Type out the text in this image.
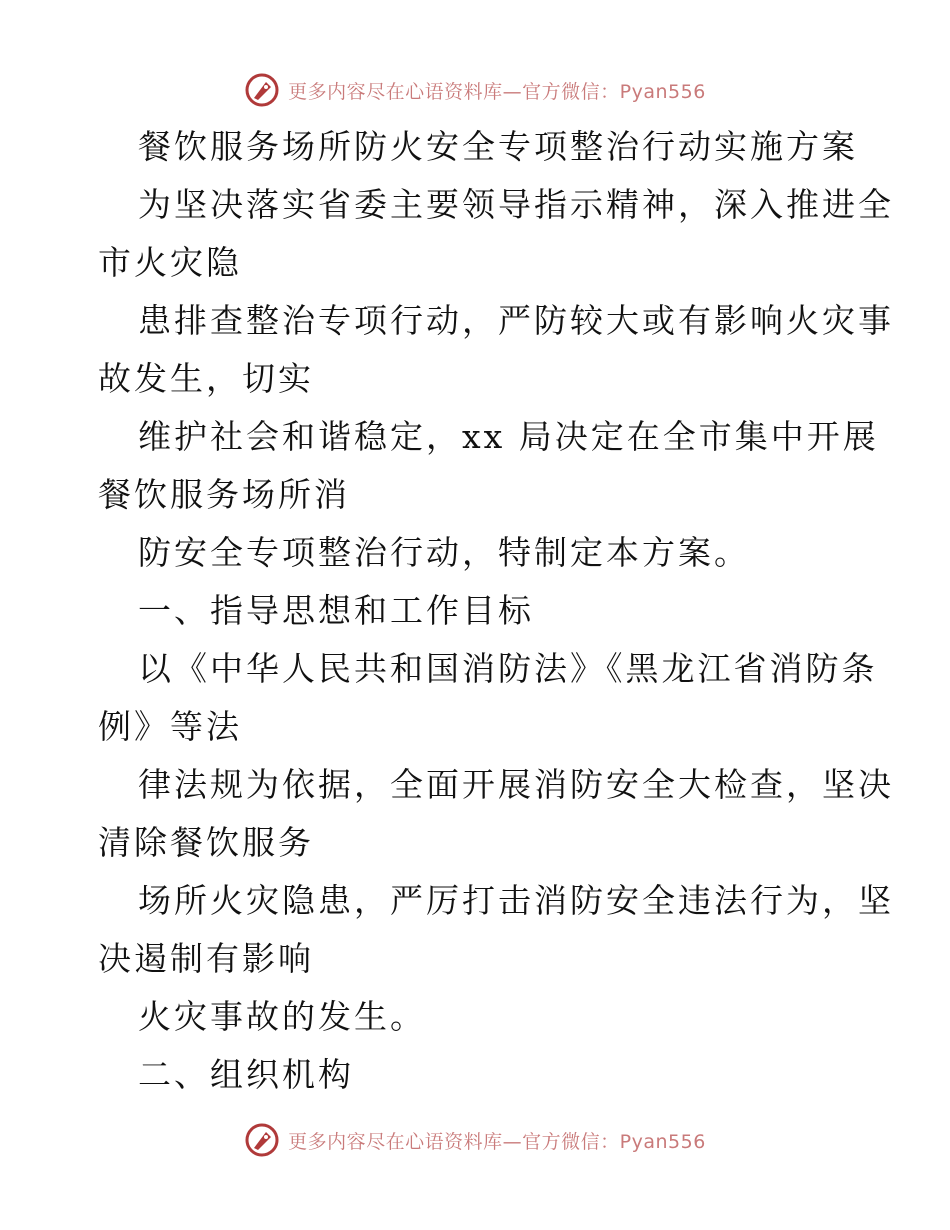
更多内容尽在心语资料库—官方微信：Pyan556

餐饮服务场所防火安全专项整治行动实施方案

为坚决落实省委主要领导指示精神，深入推进全

市火灾隐

患排查整治专项行动，严防较大或有影响火灾事

故发生，切实

维护社会和谐稳定，xx 局决定在全市集中开展

餐饮服务场所消

防安全专项整治行动，特制定本方案。

一、指导思想和工作目标

以《中华人民共和国消防法》《黑龙江省消防条

例》等法

律法规为依据，全面开展消防安全大检查，坚决

清除餐饮服务

场所火灾隐患，严厉打击消防安全违法行为，坚

决遏制有影响

火灾事故的发生。

二、组织机构

更多内容尽在心语资料库—官方微信：Pyan556
